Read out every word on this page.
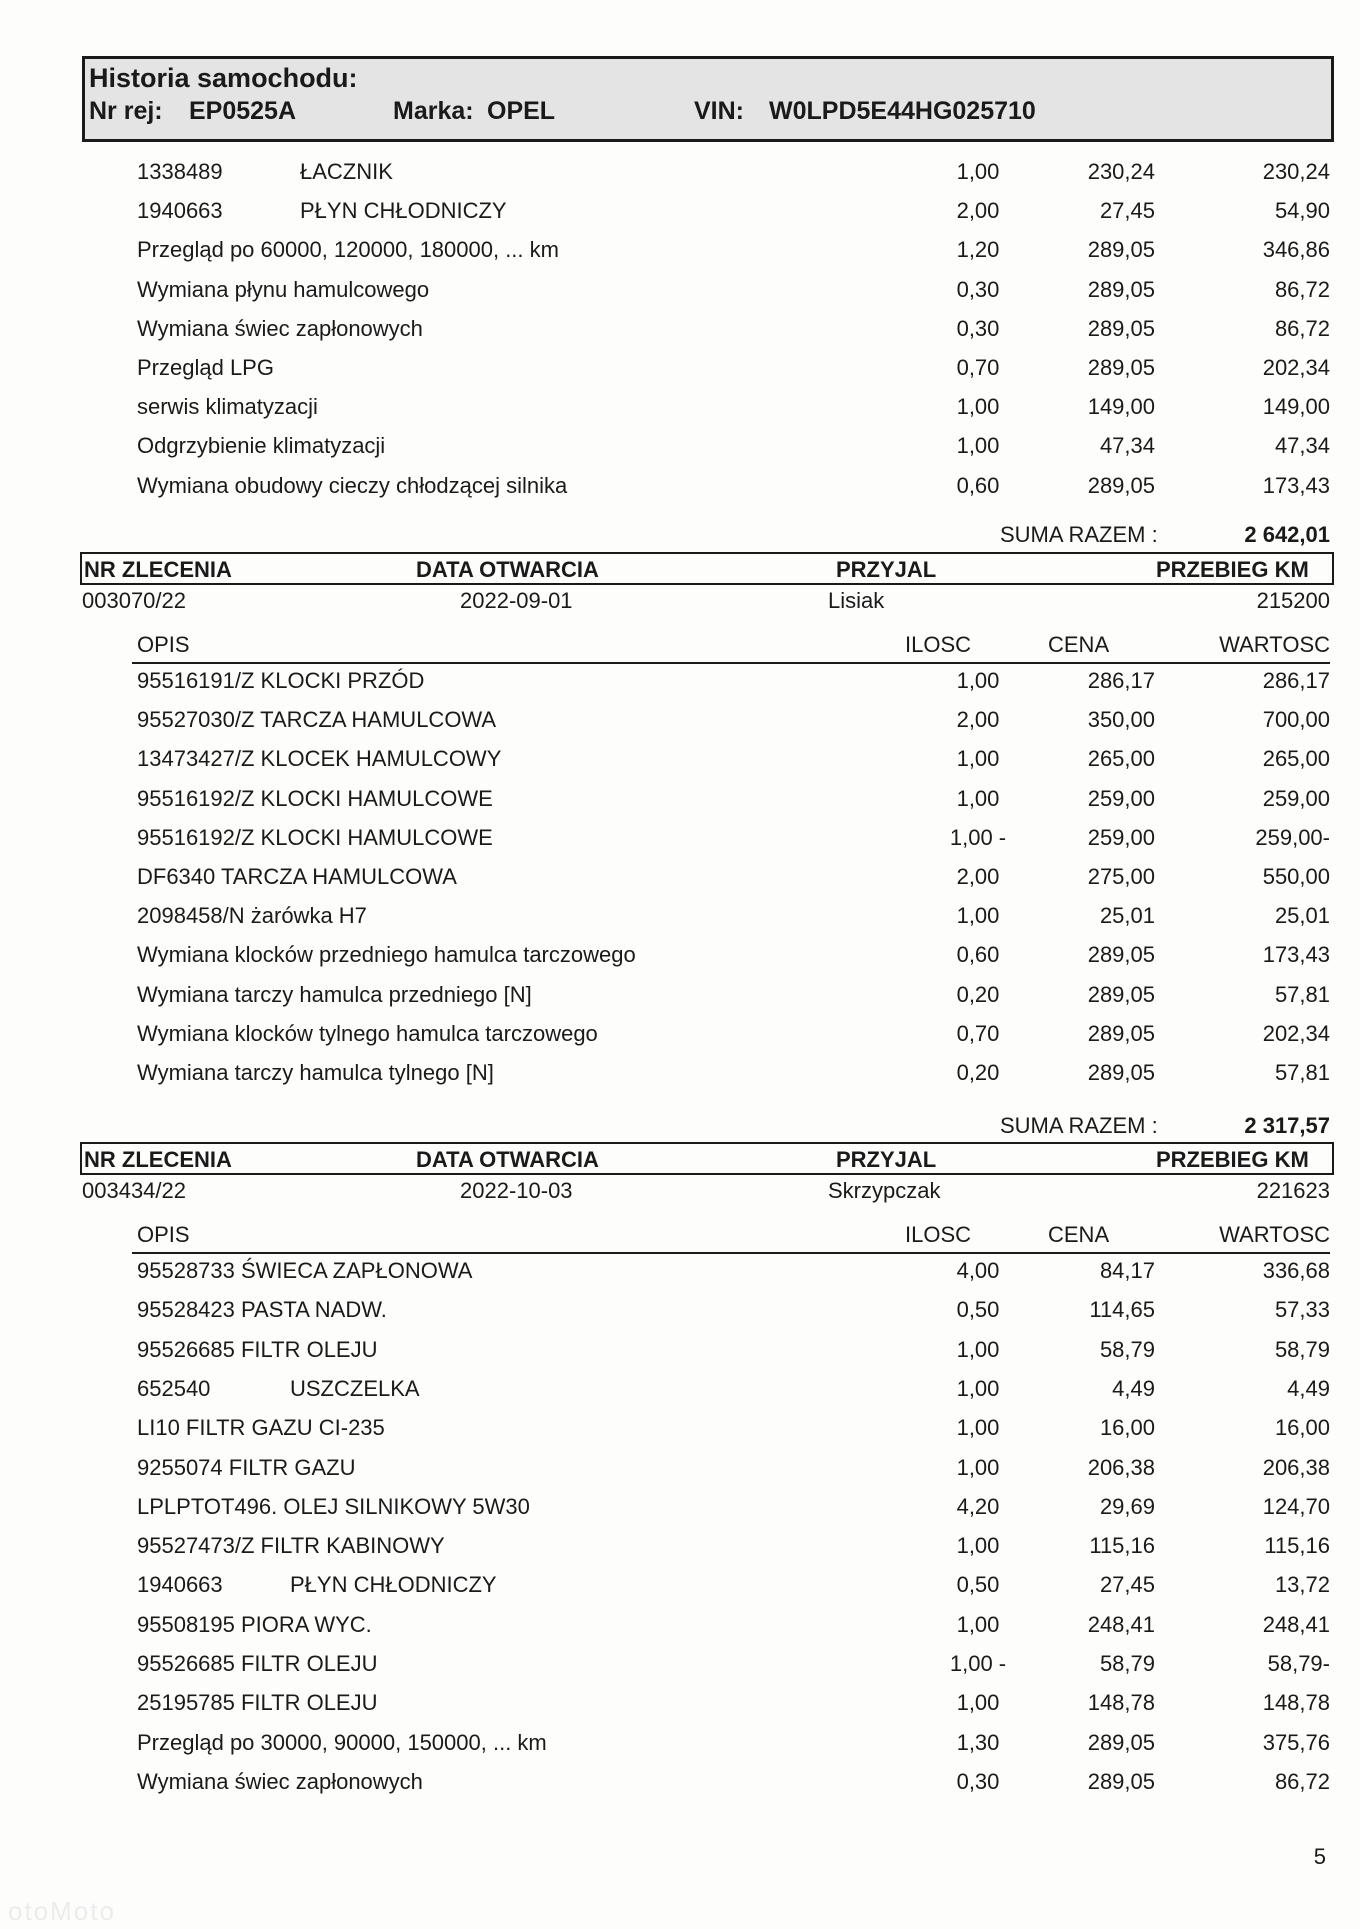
Historia samochodu:
Nr rej: EP0525A	Marka: OPEL	VIN: W0LPD5E44HG025710
1338489	ŁACZNIK	1,00	230,24	230,24
1940663	PŁYN CHŁODNICZY	2,00	27,45	54,90
Przegląd po 60000, 120000, 180000, ... km	1,20	289,05	346,86
Wymiana płynu hamulcowego	0,30	289,05	86,72
Wymiana świec zapłonowych	0,30	289,05	86,72
Przegląd LPG	0,70	289,05	202,34
serwis klimatyzacji	1,00	149,00	149,00
Odgrzybienie klimatyzacji	1,00	47,34	47,34
Wymiana obudowy cieczy chłodzącej silnika	0,60	289,05	173,43
SUMA RAZEM :	2 642,01
NR ZLECENIA	DATA OTWARCIA	PRZYJAL	PRZEBIEG KM
003070/22	2022-09-01	Lisiak	215200
OPIS	ILOSC	CENA	WARTOSC
95516191/Z KLOCKI PRZÓD	1,00	286,17	286,17
95527030/Z TARCZA HAMULCOWA	2,00	350,00	700,00
13473427/Z KLOCEK HAMULCOWY	1,00	265,00	265,00
95516192/Z KLOCKI HAMULCOWE	1,00	259,00	259,00
95516192/Z KLOCKI HAMULCOWE	1,00 -	259,00	259,00-
DF6340 TARCZA HAMULCOWA	2,00	275,00	550,00
2098458/N żarówka H7	1,00	25,01	25,01
Wymiana klocków przedniego hamulca tarczowego	0,60	289,05	173,43
Wymiana tarczy hamulca przedniego [N]	0,20	289,05	57,81
Wymiana klocków tylnego hamulca tarczowego	0,70	289,05	202,34
Wymiana tarczy hamulca tylnego [N]	0,20	289,05	57,81
SUMA RAZEM :	2 317,57
NR ZLECENIA	DATA OTWARCIA	PRZYJAL	PRZEBIEG KM
003434/22	2022-10-03	Skrzypczak	221623
OPIS	ILOSC	CENA	WARTOSC
95528733 ŚWIECA ZAPŁONOWA	4,00	84,17	336,68
95528423 PASTA NADW.	0,50	114,65	57,33
95526685 FILTR OLEJU	1,00	58,79	58,79
652540	USZCZELKA	1,00	4,49	4,49
LI10 FILTR GAZU CI-235	1,00	16,00	16,00
9255074 FILTR GAZU	1,00	206,38	206,38
LPLPTOT496. OLEJ SILNIKOWY 5W30	4,20	29,69	124,70
95527473/Z FILTR KABINOWY	1,00	115,16	115,16
1940663	PŁYN CHŁODNICZY	0,50	27,45	13,72
95508195 PIORA WYC.	1,00	248,41	248,41
95526685 FILTR OLEJU	1,00 -	58,79	58,79-
25195785 FILTR OLEJU	1,00	148,78	148,78
Przegląd po 30000, 90000, 150000, ... km	1,30	289,05	375,76
Wymiana świec zapłonowych	0,30	289,05	86,72
5
otoMoto
